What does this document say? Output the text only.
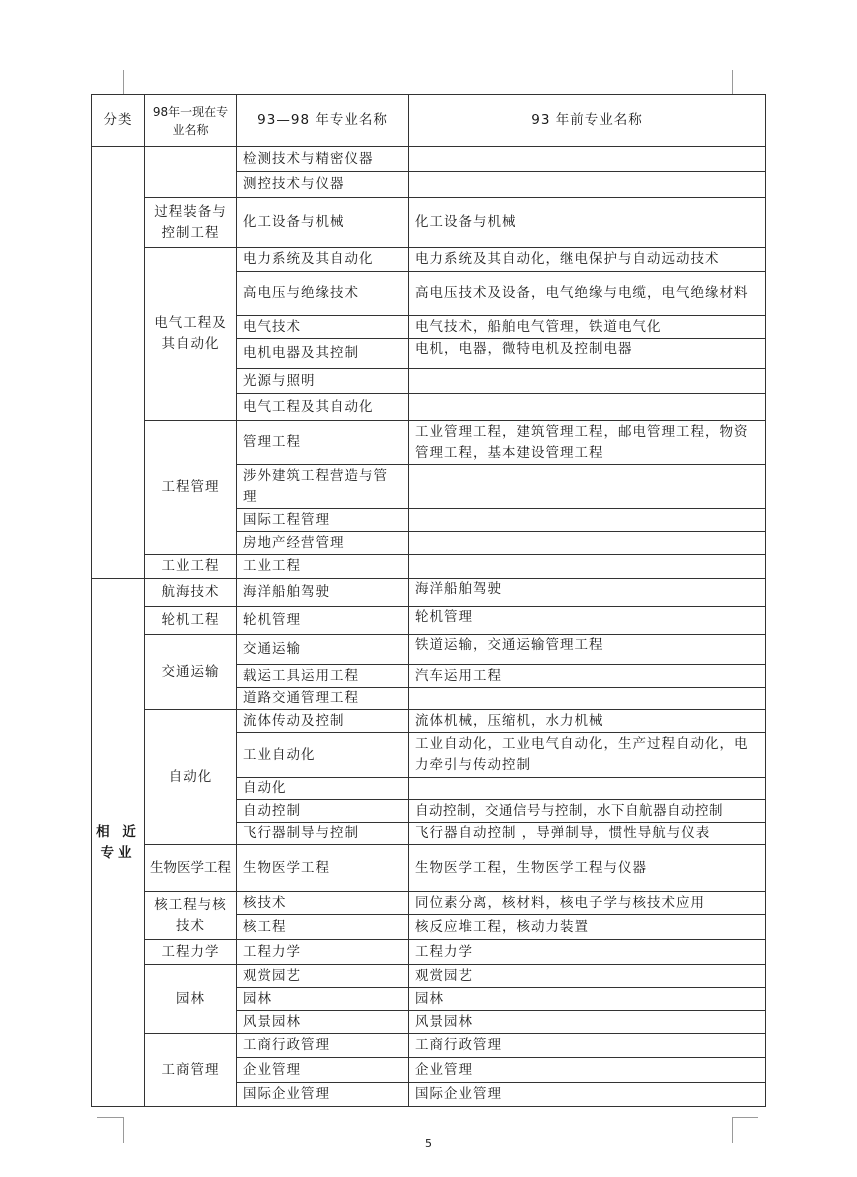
分类	98年一现在专业名称	93—98 年专业名称	93 年前专业名称
		检测技术与精密仪器	
		测控技术与仪器	
	过程装备与控制工程	化工设备与机械	化工设备与机械
	电气工程及其自动化	电力系统及其自动化	电力系统及其自动化，继电保护与自动远动技术
		高电压与绝缘技术	高电压技术及设备，电气绝缘与电缆，电气绝缘材料
		电气技术	电气技术，船舶电气管理，铁道电气化
		电机电器及其控制	电机，电器，微特电机及控制电器
		光源与照明	
		电气工程及其自动化	
	工程管理	管理工程	工业管理工程，建筑管理工程，邮电管理工程，物资管理工程，基本建设管理工程
		涉外建筑工程营造与管理	
		国际工程管理	
		房地产经营管理	
	工业工程	工业工程	
相 近 专业	航海技术	海洋船舶驾驶	海洋船舶驾驶
	轮机工程	轮机管理	轮机管理
	交通运输	交通运输	铁道运输，交通运输管理工程
		载运工具运用工程	汽车运用工程
		道路交通管理工程	
	自动化	流体传动及控制	流体机械，压缩机，水力机械
		工业自动化	工业自动化，工业电气自动化，生产过程自动化，电力牵引与传动控制
		自动化	
		自动控制	自动控制，交通信号与控制，水下自航器自动控制
		飞行器制导与控制	飞行器自动控制 ，导弹制导，惯性导航与仪表
	生物医学工程	生物医学工程	生物医学工程，生物医学工程与仪器
	核工程与核技术	核技术	同位素分离，核材料，核电子学与核技术应用
		核工程	核反应堆工程，核动力装置
	工程力学	工程力学	工程力学
	园林	观赏园艺	观赏园艺
		园林	园林
		风景园林	风景园林
	工商管理	工商行政管理	工商行政管理
		企业管理	企业管理
		国际企业管理	国际企业管理
5
